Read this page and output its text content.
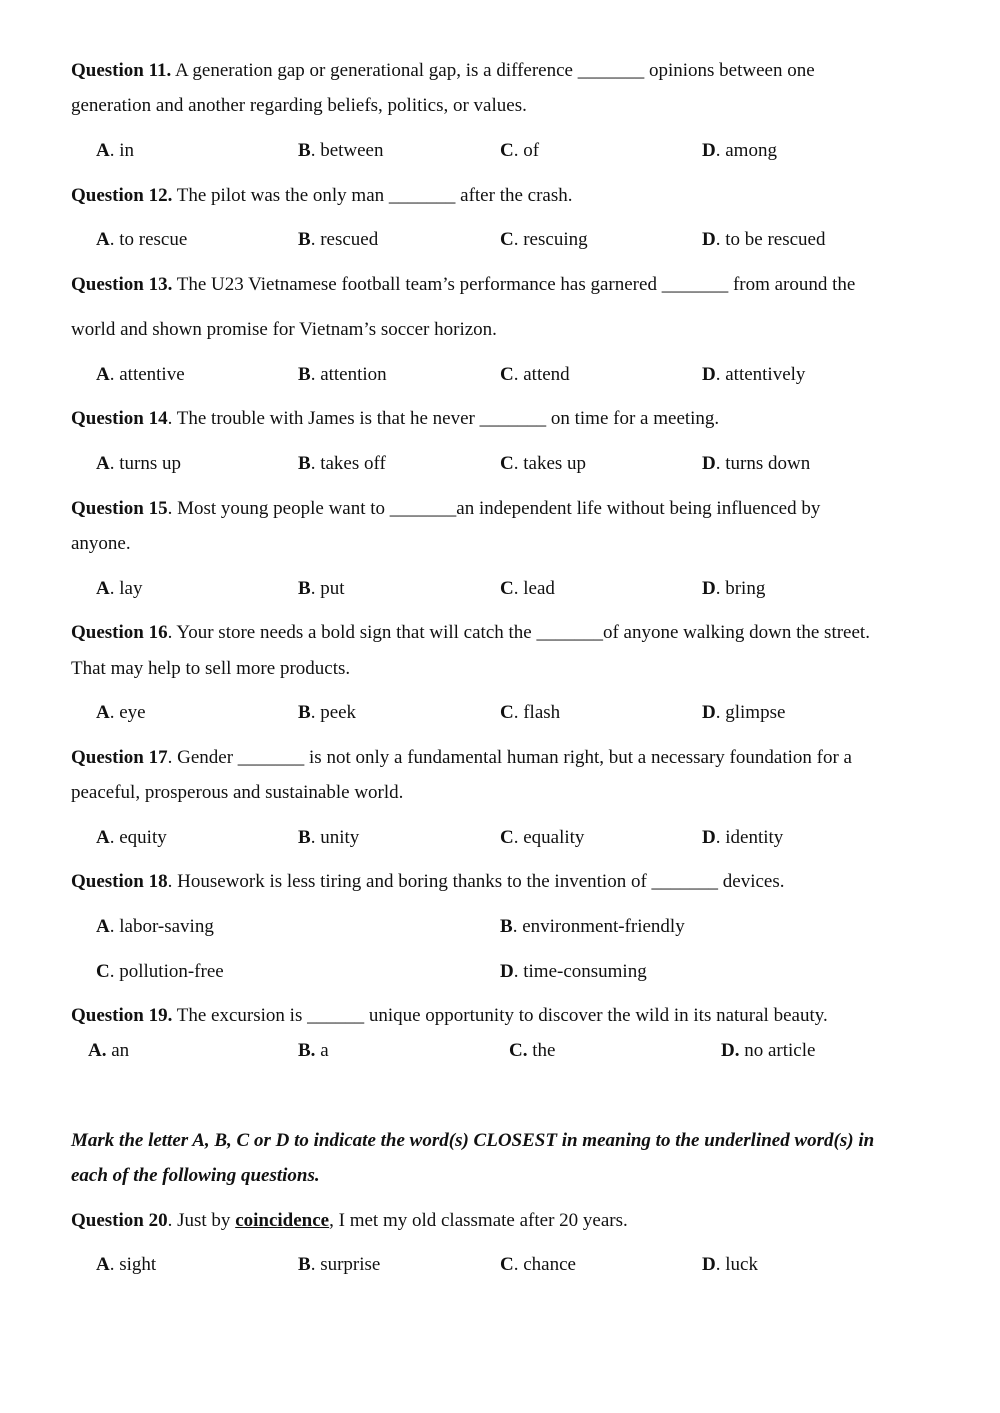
Question 11. A generation gap or generational gap, is a difference _______ opinions between one
generation and another regarding beliefs, politics, or values.
A. in	B. between	C. of	D. among
Question 12. The pilot was the only man _______ after the crash.
A. to rescue	B. rescued	C. rescuing	D. to be rescued
Question 13. The U23 Vietnamese football team’s performance has garnered _______ from around the
world and shown promise for Vietnam’s soccer horizon.
A. attentive	B. attention	C. attend	D. attentively
Question 14. The trouble with James is that he never _______ on time for a meeting.
A. turns up	B. takes off	C. takes up	D. turns down
Question 15. Most young people want to _______an independent life without being influenced by
anyone.
A. lay	B. put	C. lead	D. bring
Question 16. Your store needs a bold sign that will catch the _______of anyone walking down the street.
That may help to sell more products.
A. eye	B. peek	C. flash	D. glimpse
Question 17. Gender _______ is not only a fundamental human right, but a necessary foundation for a
peaceful, prosperous and sustainable world.
A. equity	B. unity	C. equality	D. identity
Question 18. Housework is less tiring and boring thanks to the invention of _______ devices.
A. labor-saving	B. environment-friendly
C. pollution-free	D. time-consuming
Question 19. The excursion is ______ unique opportunity to discover the wild in its natural beauty.
A. an	B. a	C. the	D. no article
Mark the letter A, B, C or D to indicate the word(s) CLOSEST in meaning to the underlined word(s) in
each of the following questions.
Question 20. Just by coincidence, I met my old classmate after 20 years.
A. sight	B. surprise	C. chance	D. luck
